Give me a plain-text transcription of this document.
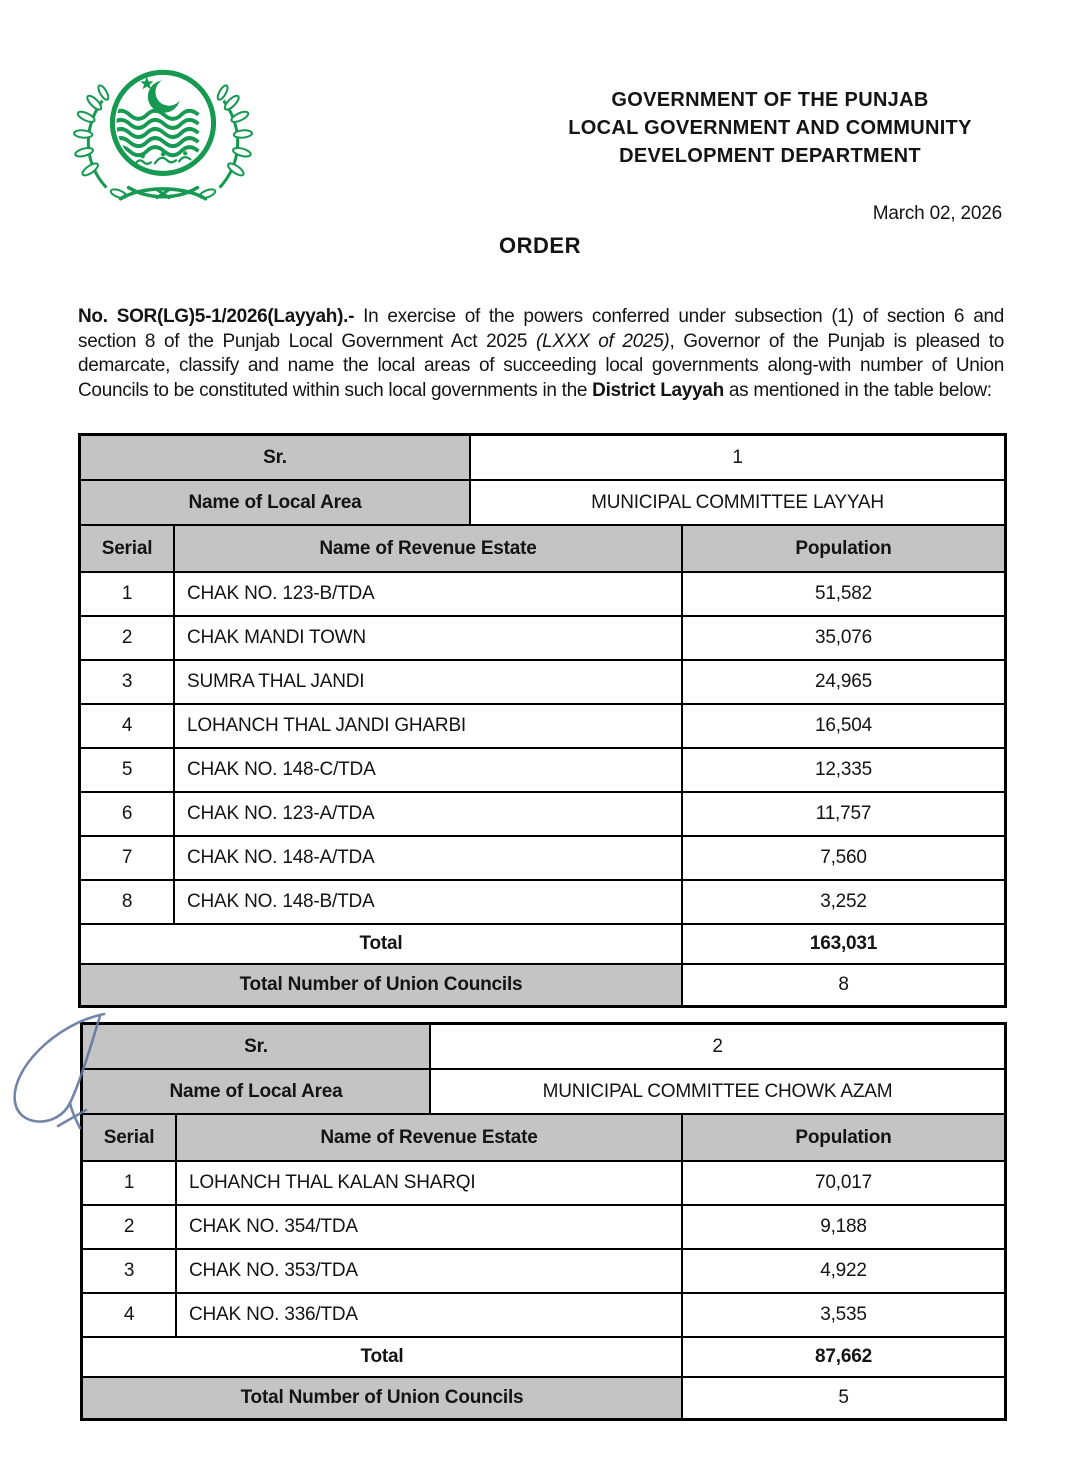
GOVERNMENT OF THE PUNJAB
LOCAL GOVERNMENT AND COMMUNITY
DEVELOPMENT DEPARTMENT
March 02, 2026
ORDER

No. SOR(LG)5-1/2026(Layyah).- In exercise of the powers conferred under subsection (1) of section 6 and section 8 of the Punjab Local Government Act 2025 (LXXX of 2025), Governor of the Punjab is pleased to demarcate, classify and name the local areas of succeeding local governments along-with number of Union Councils to be constituted within such local governments in the District Layyah as mentioned in the table below:

Sr.	1
Name of Local Area	MUNICIPAL COMMITTEE LAYYAH
Serial	Name of Revenue Estate	Population
1	CHAK NO. 123-B/TDA	51,582
2	CHAK MANDI TOWN	35,076
3	SUMRA THAL JANDI	24,965
4	LOHANCH THAL JANDI GHARBI	16,504
5	CHAK NO. 148-C/TDA	12,335
6	CHAK NO. 123-A/TDA	11,757
7	CHAK NO. 148-A/TDA	7,560
8	CHAK NO. 148-B/TDA	3,252
Total	163,031
Total Number of Union Councils	8
Sr.	2
Name of Local Area	MUNICIPAL COMMITTEE CHOWK AZAM
Serial	Name of Revenue Estate	Population
1	LOHANCH THAL KALAN SHARQI	70,017
2	CHAK NO. 354/TDA	9,188
3	CHAK NO. 353/TDA	4,922
4	CHAK NO. 336/TDA	3,535
Total	87,662
Total Number of Union Councils	5
